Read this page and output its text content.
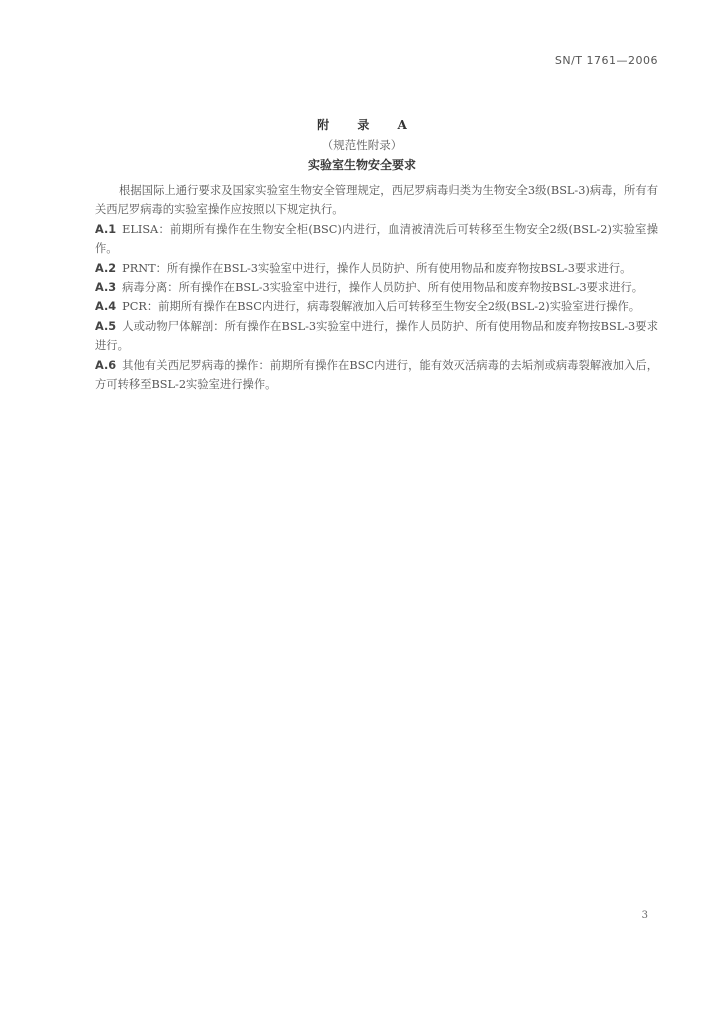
SN/T 1761—2006

附 录 A

（规范性附录）

实验室生物安全要求

根据国际上通行要求及国家实验室生物安全管理规定，西尼罗病毒归类为生物安全3级(BSL-3)病毒，所有有关西尼罗病毒的实验室操作应按照以下规定执行。

A.1 ELISA：前期所有操作在生物安全柜(BSC)内进行，血清被清洗后可转移至生物安全2级(BSL-2)实验室操作。

A.2 PRNT：所有操作在BSL-3实验室中进行，操作人员防护、所有使用物品和废弃物按BSL-3要求进行。

A.3 病毒分离：所有操作在BSL-3实验室中进行，操作人员防护、所有使用物品和废弃物按BSL-3要求进行。

A.4 PCR：前期所有操作在BSC内进行，病毒裂解液加入后可转移至生物安全2级(BSL-2)实验室进行操作。

A.5 人或动物尸体解剖：所有操作在BSL-3实验室中进行，操作人员防护、所有使用物品和废弃物按BSL-3要求进行。

A.6 其他有关西尼罗病毒的操作：前期所有操作在BSC内进行，能有效灭活病毒的去垢剂或病毒裂解液加入后，方可转移至BSL-2实验室进行操作。

3
